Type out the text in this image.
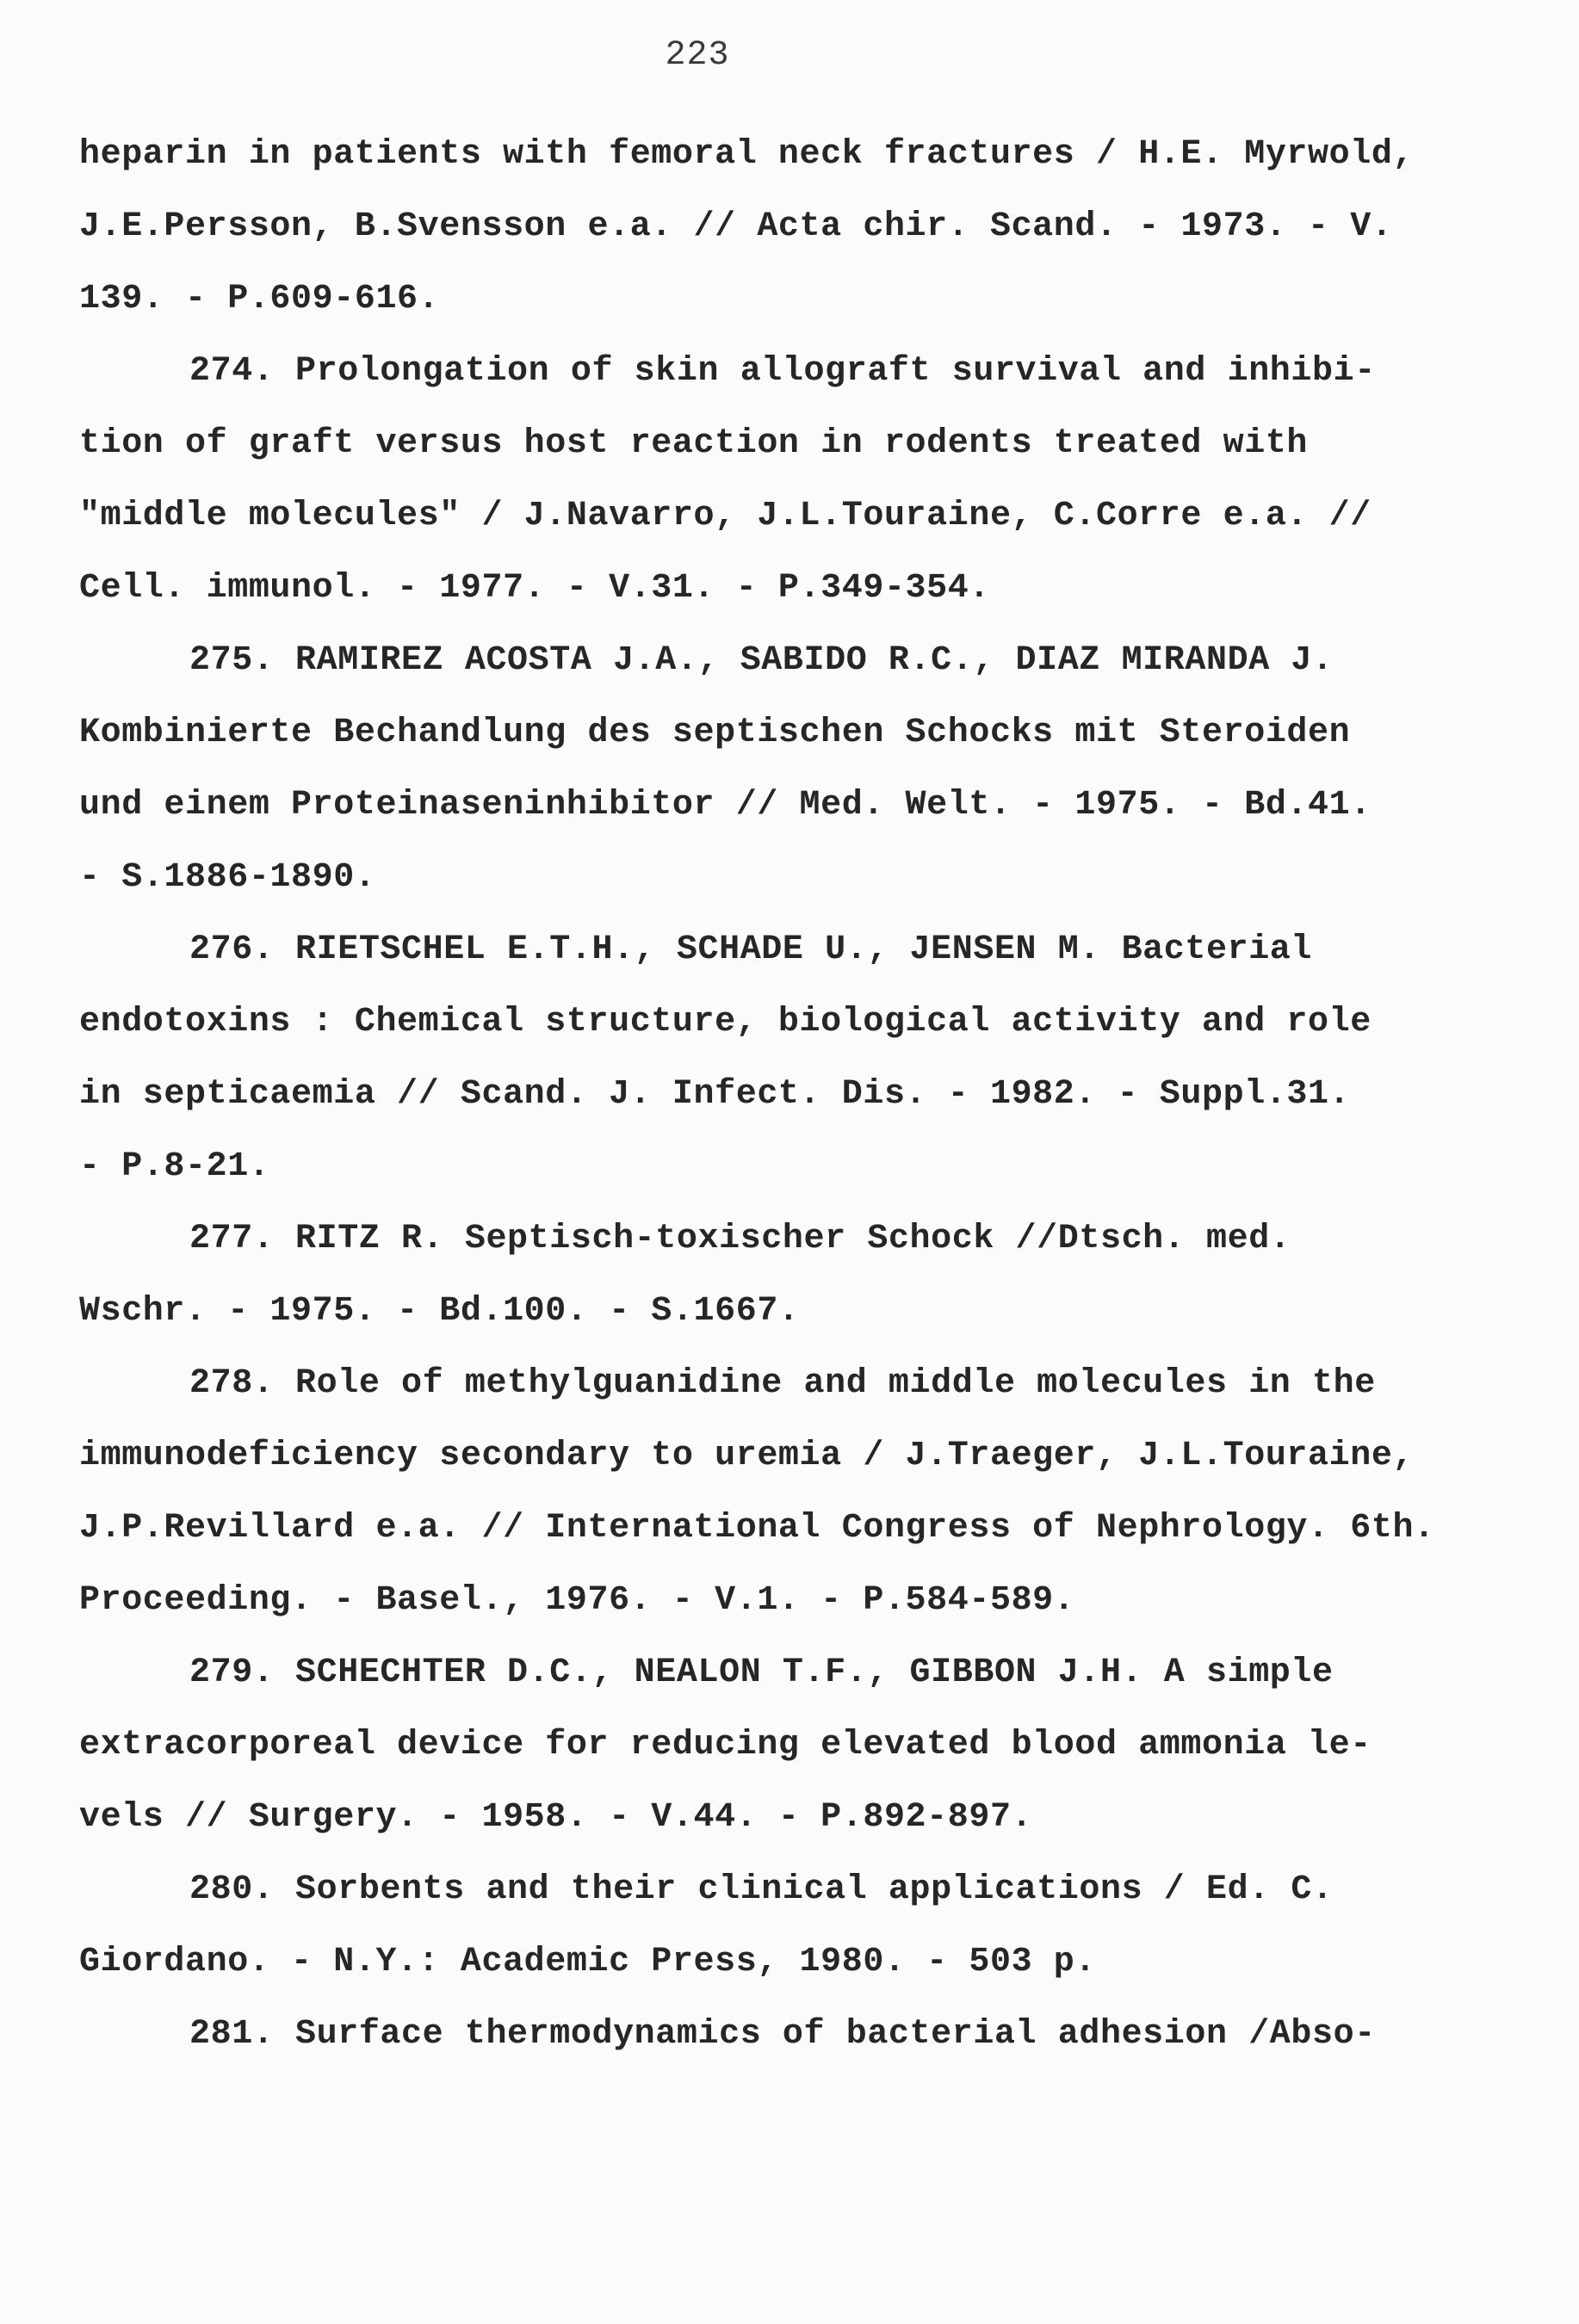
223
heparin in patients with femoral neck fractures / H.E. Myrwold,
J.E.Persson, B.Svensson e.a. // Acta chir. Scand. - 1973. - V.
139. - P.609-616.
274. Prolongation of skin allograft survival and inhibi-
tion of graft versus host reaction in rodents treated with
"middle molecules" / J.Navarro, J.L.Touraine, C.Corre e.a. //
Cell. immunol. - 1977. - V.31. - P.349-354.
275. RAMIREZ ACOSTA J.A., SABIDO R.C., DIAZ MIRANDA J.
Kombinierte Bechandlung des septischen Schocks mit Steroiden
und einem Proteinaseninhibitor // Med. Welt. - 1975. - Bd.41.
- S.1886-1890.
276. RIETSCHEL E.T.H., SCHADE U., JENSEN M. Bacterial
endotoxins : Chemical structure, biological activity and role
in septicaemia // Scand. J. Infect. Dis. - 1982. - Suppl.31.
- P.8-21.
277. RITZ R. Septisch-toxischer Schock //Dtsch. med.
Wschr. - 1975. - Bd.100. - S.1667.
278. Role of methylguanidine and middle molecules in the
immunodeficiency secondary to uremia / J.Traeger, J.L.Touraine,
J.P.Revillard e.a. // International Congress of Nephrology. 6th.
Proceeding. - Basel., 1976. - V.1. - P.584-589.
279. SCHECHTER D.C., NEALON T.F., GIBBON J.H. A simple
extracorporeal device for reducing elevated blood ammonia le-
vels // Surgery. - 1958. - V.44. - P.892-897.
280. Sorbents and their clinical applications / Ed. C.
Giordano. - N.Y.: Academic Press, 1980. - 503 p.
281. Surface thermodynamics of bacterial adhesion /Abso-
